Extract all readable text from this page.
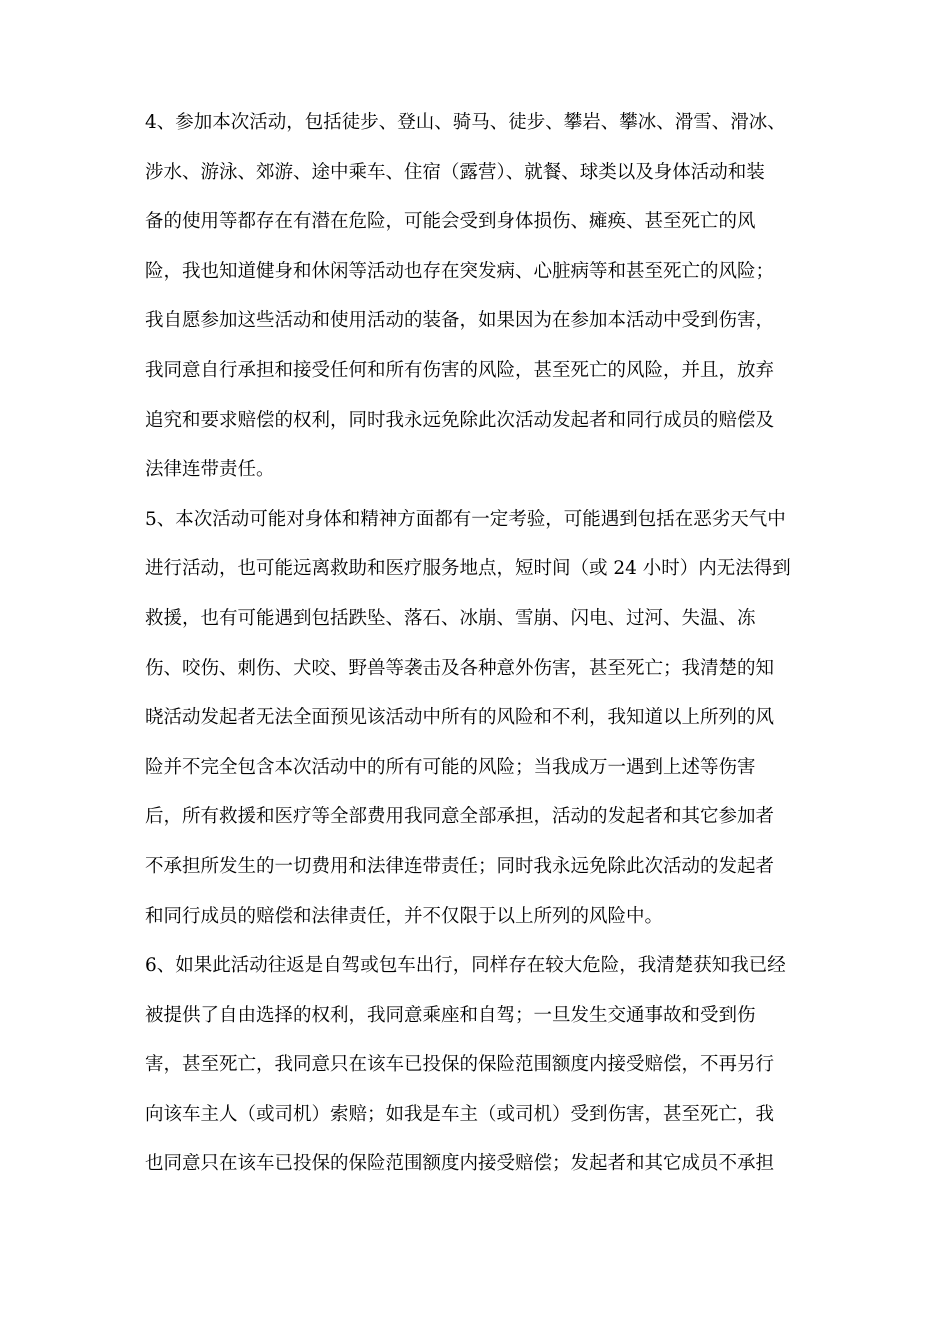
4、参加本次活动，包括徒步、登山、骑马、徒步、攀岩、攀冰、滑雪、滑冰、
涉水、游泳、郊游、途中乘车、住宿（露营）、就餐、球类以及身体活动和装
备的使用等都存在有潜在危险，可能会受到身体损伤、瘫痪、甚至死亡的风
险，我也知道健身和休闲等活动也存在突发病、心脏病等和甚至死亡的风险；
我自愿参加这些活动和使用活动的装备，如果因为在参加本活动中受到伤害，
我同意自行承担和接受任何和所有伤害的风险，甚至死亡的风险，并且，放弃
追究和要求赔偿的权利，同时我永远免除此次活动发起者和同行成员的赔偿及
法律连带责任。
5、本次活动可能对身体和精神方面都有一定考验，可能遇到包括在恶劣天气中
进行活动，也可能远离救助和医疗服务地点，短时间（或 24 小时）内无法得到
救援，也有可能遇到包括跌坠、落石、冰崩、雪崩、闪电、过河、失温、冻
伤、咬伤、刺伤、犬咬、野兽等袭击及各种意外伤害，甚至死亡；我清楚的知
晓活动发起者无法全面预见该活动中所有的风险和不利，我知道以上所列的风
险并不完全包含本次活动中的所有可能的风险；当我成万一遇到上述等伤害
后，所有救援和医疗等全部费用我同意全部承担，活动的发起者和其它参加者
不承担所发生的一切费用和法律连带责任；同时我永远免除此次活动的发起者
和同行成员的赔偿和法律责任，并不仅限于以上所列的风险中。
6、如果此活动往返是自驾或包车出行，同样存在较大危险，我清楚获知我已经
被提供了自由选择的权利，我同意乘座和自驾；一旦发生交通事故和受到伤
害，甚至死亡，我同意只在该车已投保的保险范围额度内接受赔偿，不再另行
向该车主人（或司机）索赔；如我是车主（或司机）受到伤害，甚至死亡，我
也同意只在该车已投保的保险范围额度内接受赔偿；发起者和其它成员不承担
